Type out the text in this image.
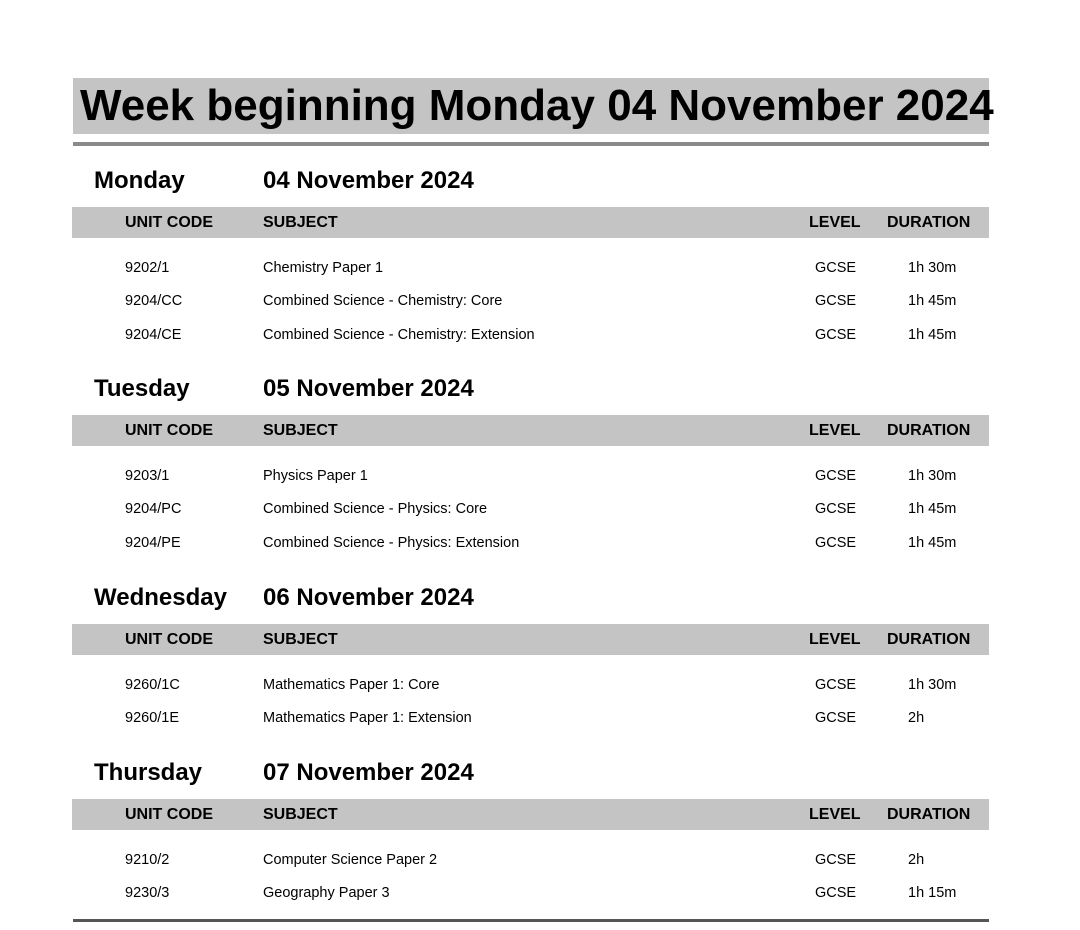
Week beginning Monday 04 November 2024
Monday	04 November 2024
UNIT CODE	SUBJECT	LEVEL DURATION
9202/1	Chemistry Paper 1	GCSE	1h 30m
9204/CC	Combined Science - Chemistry: Core	GCSE	1h 45m
9204/CE	Combined Science - Chemistry: Extension	GCSE	1h 45m
Tuesday	05 November 2024
UNIT CODE	SUBJECT	LEVEL DURATION
9203/1	Physics Paper 1	GCSE	1h 30m
9204/PC	Combined Science - Physics: Core	GCSE	1h 45m
9204/PE	Combined Science - Physics: Extension	GCSE	1h 45m
Wednesday 06 November 2024
UNIT CODE	SUBJECT	LEVEL DURATION
9260/1C	Mathematics Paper 1: Core	GCSE	1h 30m
9260/1E	Mathematics Paper 1: Extension	GCSE	2h
Thursday	07 November 2024
UNIT CODE	SUBJECT	LEVEL DURATION
9210/2	Computer Science Paper 2	GCSE	2h
9230/3	Geography Paper 3	GCSE	1h 15m
